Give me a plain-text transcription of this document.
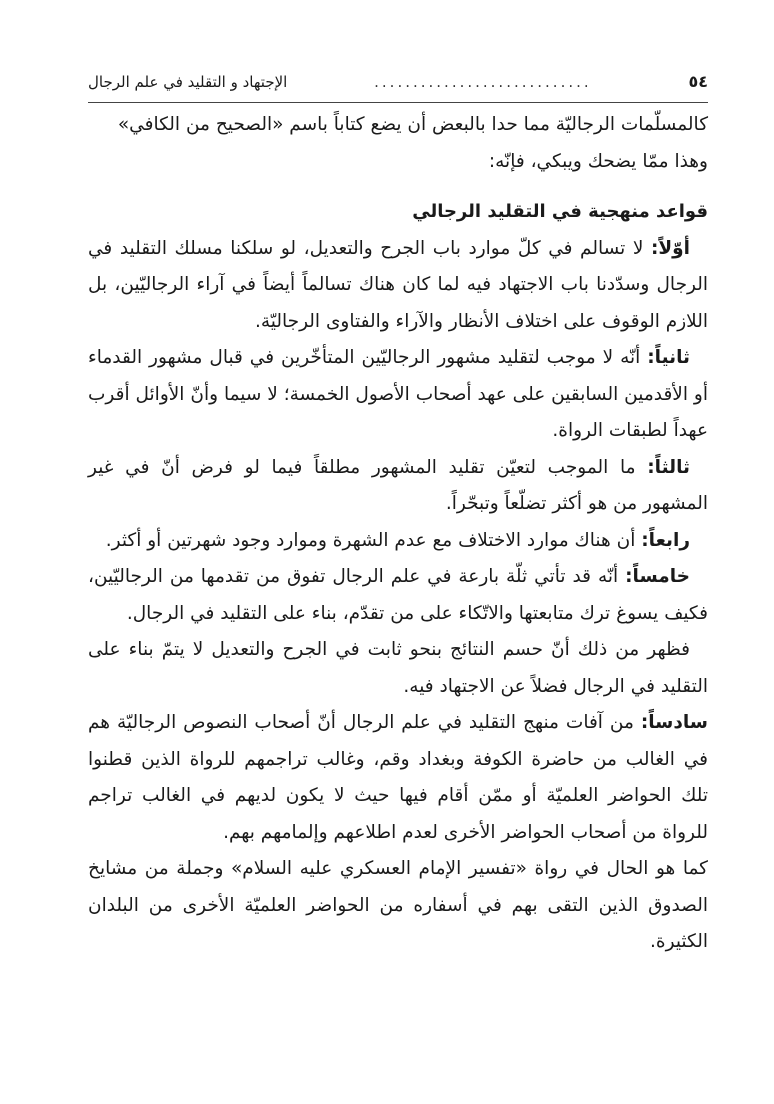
٥٤
............................
الإجتهاد و التقليد في علم الرجال

كالمسلّمات الرجاليّة مما حدا بالبعض أن يضع كتاباً باسم «الصحيح من الكافي»

وهذا ممّا يضحك ويبكي، فإنّه:

قواعد منهجية في التقليد الرجالي

أوّلاً: لا تسالم في كلّ موارد باب الجرح والتعديل، لو سلكنا مسلك التقليد في الرجال وسدّدنا باب الاجتهاد فيه لما كان هناك تسالماً أيضاً في آراء الرجاليّين، بل اللازم الوقوف على اختلاف الأنظار والآراء والفتاوى الرجاليّة.

ثانياً: أنّه لا موجب لتقليد مشهور الرجاليّين المتأخّرين في قبال مشهور القدماء أو الأقدمين السابقين على عهد أصحاب الأصول الخمسة؛ لا سيما وأنّ الأوائل أقرب عهداً لطبقات الرواة.

ثالثاً: ما الموجب لتعيّن تقليد المشهور مطلقاً فيما لو فرض أنّ في غير المشهور من هو أكثر تضلّعاً وتبحّراً.

رابعاً: أن هناك موارد الاختلاف مع عدم الشهرة وموارد وجود شهرتين أو أكثر.

خامساً: أنّه قد تأتي ثلّة بارعة في علم الرجال تفوق من تقدمها من الرجاليّين، فكيف يسوغ ترك متابعتها والاتّكاء على من تقدّم، بناء على التقليد في الرجال.

فظهر من ذلك أنّ حسم النتائج بنحو ثابت في الجرح والتعديل لا يتمّ بناء على التقليد في الرجال فضلاً عن الاجتهاد فيه.

سادساً: من آفات منهج التقليد في علم الرجال أنّ أصحاب النصوص الرجاليّة هم في الغالب من حاضرة الكوفة وبغداد وقم، وغالب تراجمهم للرواة الذين قطنوا تلك الحواضر العلميّة أو ممّن أقام فيها حيث لا يكون لديهم في الغالب تراجم للرواة من أصحاب الحواضر الأخرى لعدم اطلاعهم وإلمامهم بهم.

كما هو الحال في رواة «تفسير الإمام العسكري عليه السلام» وجملة من مشايخ الصدوق الذين التقى بهم في أسفاره من الحواضر العلميّة الأخرى من البلدان الكثيرة.
